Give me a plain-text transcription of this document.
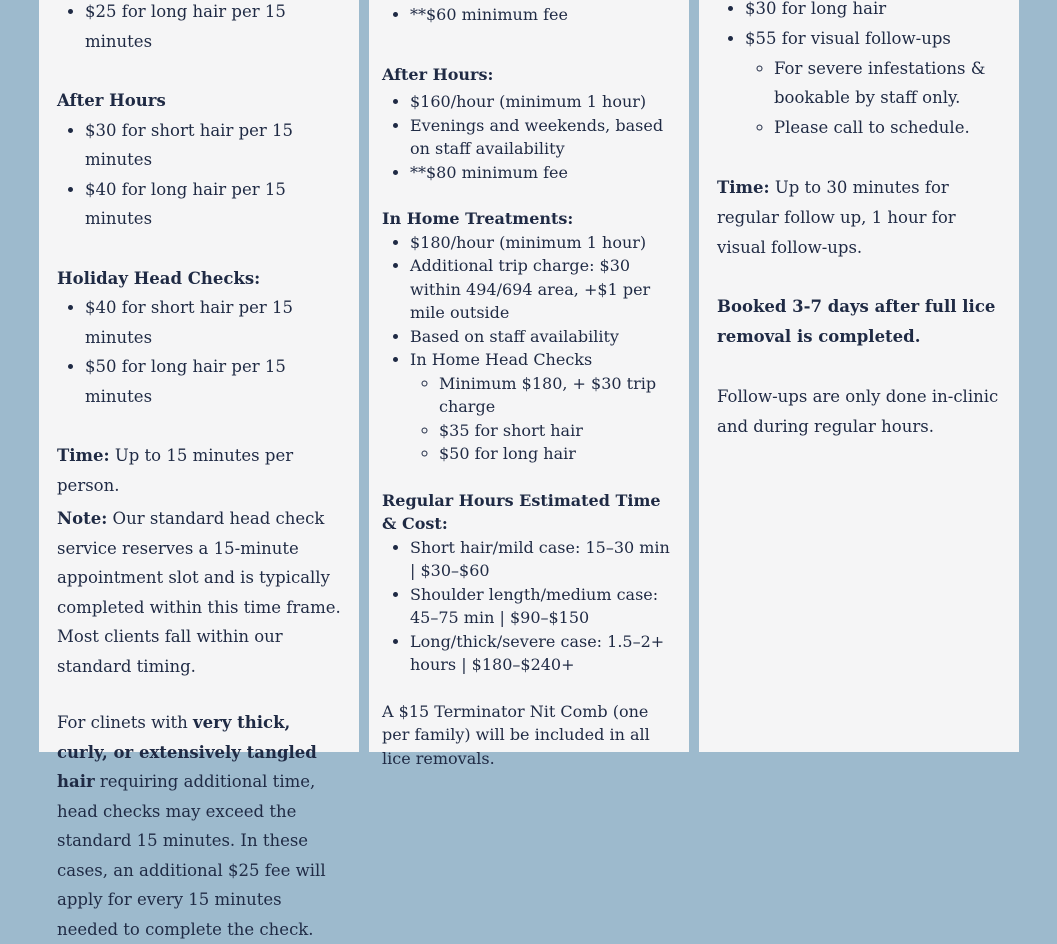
• $25 for long hair per 15 minutes

After Hours

• $30 for short hair per 15 minutes
• $40 for long hair per 15 minutes

Holiday Head Checks:

• $40 for short hair per 15 minutes
• $50 for long hair per 15 minutes

Time: Up to 15 minutes per person.

Note: Our standard head check service reserves a 15-minute appointment slot and is typically completed within this time frame. Most clients fall within our standard timing.

For clinets with very thick, curly, or extensively tangled hair requiring additional time, head checks may exceed the standard 15 minutes. In these cases, an additional $25 fee will apply for every 15 minutes needed to complete the check.

• **$60 minimum fee

After Hours:

• $160/hour (minimum 1 hour)
• Evenings and weekends, based on staff availability
• **$80 minimum fee

In Home Treatments:

• $180/hour (minimum 1 hour)
• Additional trip charge: $30 within 494/694 area, +$1 per mile outside
• Based on staff availability
• In Home Head Checks
◦ Minimum $180, + $30 trip charge
◦ $35 for short hair
◦ $50 for long hair

Regular Hours Estimated Time & Cost:

• Short hair/mild case: 15–30 min | $30–$60
• Shoulder length/medium case: 45–75 min | $90–$150
• Long/thick/severe case: 1.5–2+ hours | $180–$240+

A $15 Terminator Nit Comb (one per family) will be included in all lice removals.

• $30 for long hair
• $55 for visual follow-ups
◦ For severe infestations & bookable by staff only.
◦ Please call to schedule.

Time: Up to 30 minutes for regular follow up, 1 hour for visual follow-ups.

Booked 3-7 days after full lice removal is completed.

Follow-ups are only done in-clinic and during regular hours.
